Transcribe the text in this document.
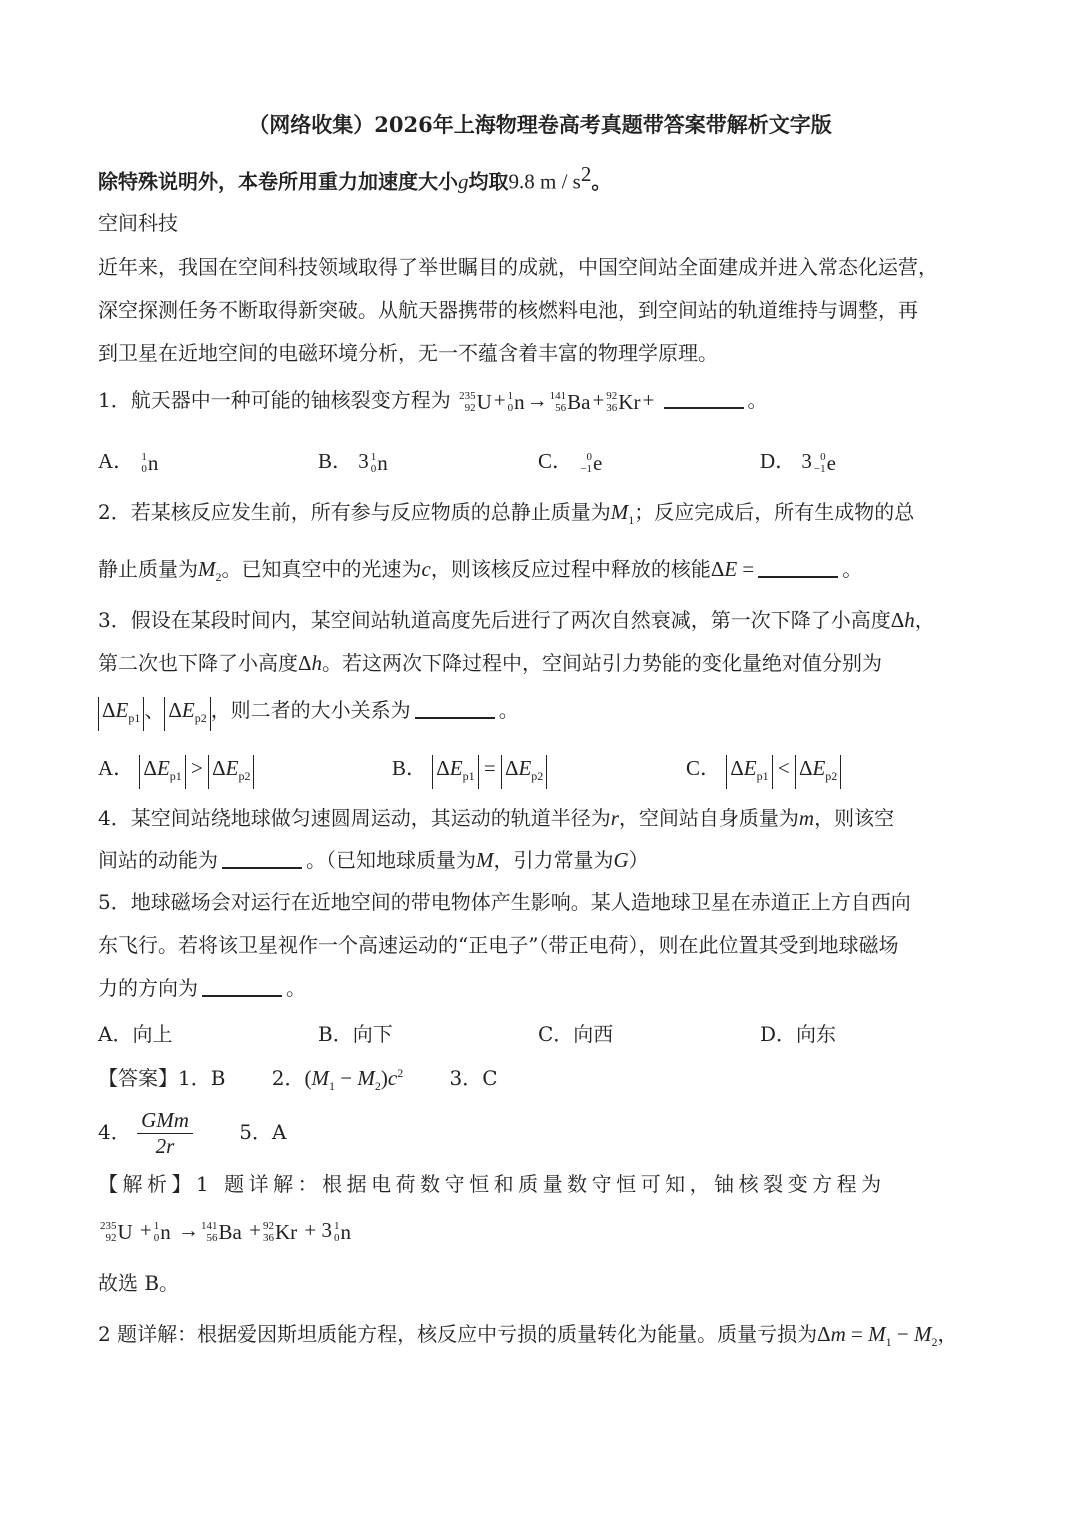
（网络收集）2026年上海物理卷高考真题带答案带解析文字版
除特殊说明外，本卷所用重力加速度大小g均取9.8 m / $s^2$。
空间科技
近年来，我国在空间科技领域取得了举世瞩目的成就，中国空间站全面建成并进入常态化运营，
深空探测任务不断取得新突破。从航天器携带的核燃料电池，到空间站的轨道维持与调整，再
到卫星在近地空间的电磁环境分析，无一不蕴含着丰富的物理学原理。
1．航天器中一种可能的铀核裂变方程为 235
92 U + 1
0 n → 141
56 Ba + 92
36 Kr +	。
A． 1
0 n	B． 3 1
0 n	C．	0
−1 e	D． 3 0
−1 e
2．若某核反应发生前，所有参与反应物质的总静止质量为$M_1$；反应完成后，所有生成物的总
静止质量为$M_2$。已知真空中的光速为c，则该核反应过程中释放的核能ΔE =	。
3．假设在某段时间内，某空间站轨道高度先后进行了两次自然衰减，第一次下降了小高度Δh，
第二次也下降了小高度Δh。若这两次下降过程中，空间站引力势能的变化量绝对值分别为
$\Delta E_{p1}$ 、 $\Delta E_{p2}$ ，则二者的大小关系为	。
A． $\Delta E_{p1} > \Delta E_{p2}$	B． $\Delta E_{p1} = \Delta E_{p2}$	C． $\Delta E_{p1} < \Delta E_{p2}$
4．某空间站绕地球做匀速圆周运动，其运动的轨道半径为r，空间站自身质量为m，则该空
间站的动能为	。（已知地球质量为M，引力常量为G）
5．地球磁场会对运行在近地空间的带电物体产生影响。某人造地球卫星在赤道正上方自西向
东飞行。若将该卫星视作一个高速运动的“正电子”（带正电荷），则在此位置其受到地球磁场
力的方向为	。
A．向上	B．向下	C．向西	D．向东
【答案】1．B 2．$(M_1 - M_2)c^2$ 3．C
4． $\frac{\text{GMm}}{2r} 5$．A
【解析】1 题详解：根据电荷数守恒和质量数守恒可知，铀核裂变方程为
235
92 U + 1
0 n → 141
56 Ba + 92
36 Kr + 3 1
0 n
故选 B。
2 题详解：根据爱因斯坦质能方程，核反应中亏损的质量转化为能量。质量亏损为$\Delta m = M_1 - M_2$，
